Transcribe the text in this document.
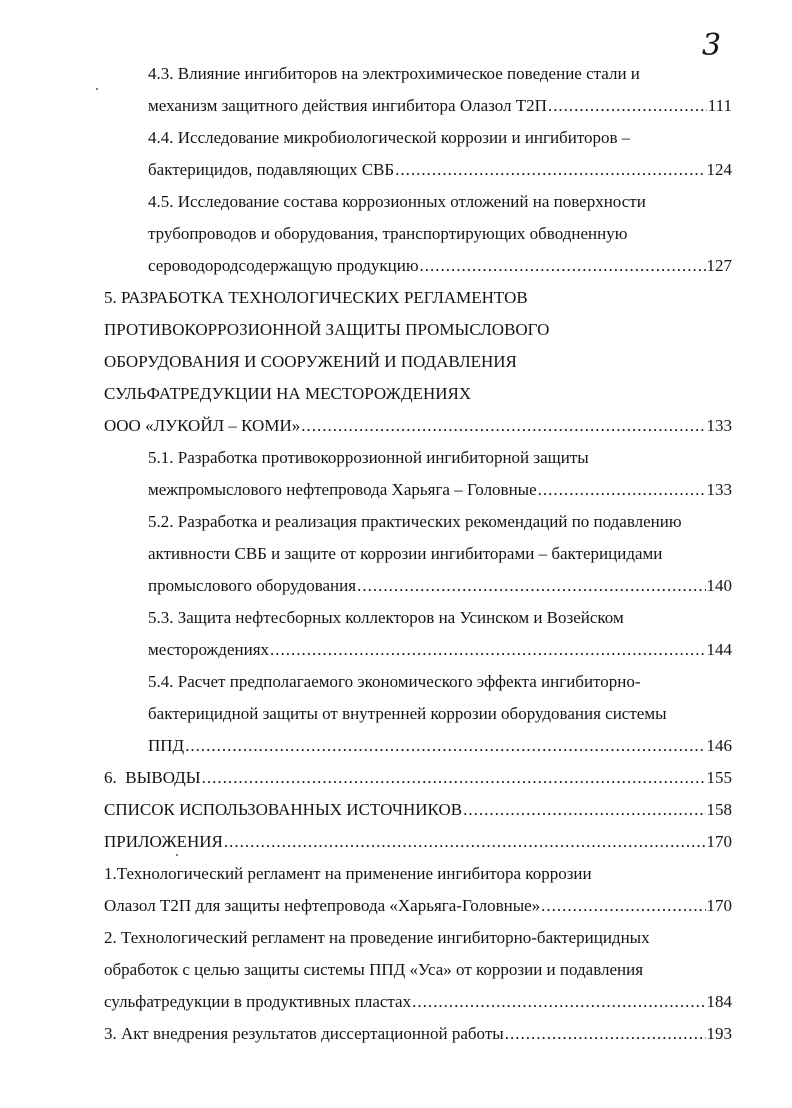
3
4.3. Влияние ингибиторов на электрохимическое поведение стали и
механизм защитного действия ингибитора Олазол Т2П .....	111
4.4. Исследование микробиологической коррозии и ингибиторов –
бактерицидов, подавляющих СВБ .....	124
4.5. Исследование состава коррозионных отложений на поверхности
трубопроводов и оборудования, транспортирующих обводненную
сероводородсодержащую продукцию .....	127
5. РАЗРАБОТКА ТЕХНОЛОГИЧЕСКИХ РЕГЛАМЕНТОВ
ПРОТИВОКОРРОЗИОННОЙ ЗАЩИТЫ ПРОМЫСЛОВОГО
ОБОРУДОВАНИЯ И СООРУЖЕНИЙ И ПОДАВЛЕНИЯ
СУЛЬФАТРЕДУКЦИИ НА МЕСТОРОЖДЕНИЯХ
ООО «ЛУКОЙЛ – КОМИ» .....	133
5.1. Разработка противокоррозионной ингибиторной защиты
межпромыслового нефтепровода Харьяга – Головные .....	133
5.2. Разработка и реализация практических рекомендаций по подавлению
активности СВБ и защите от коррозии ингибиторами – бактерицидами
промыслового оборудования .....	140
5.3. Защита нефтесборных коллекторов на Усинском и Возейском
месторождениях .....	144
5.4. Расчет предполагаемого экономического эффекта ингибиторно-
бактерицидной защиты от внутренней коррозии оборудования системы
ППД .....	146
6.  ВЫВОДЫ .....	155
СПИСОК ИСПОЛЬЗОВАННЫХ ИСТОЧНИКОВ .....	158
ПРИЛОЖЕНИЯ .....	170
1.Технологический регламент на применение ингибитора коррозии
Олазол Т2П для защиты нефтепровода «Харьяга-Головные» .....	170
2. Технологический регламент на проведение ингибиторно-бактерицидных
обработок с целью защиты системы ППД «Уса» от коррозии и подавления
сульфатредукции в продуктивных пластах .....	184
3. Акт внедрения результатов диссертационной работы .....	193
